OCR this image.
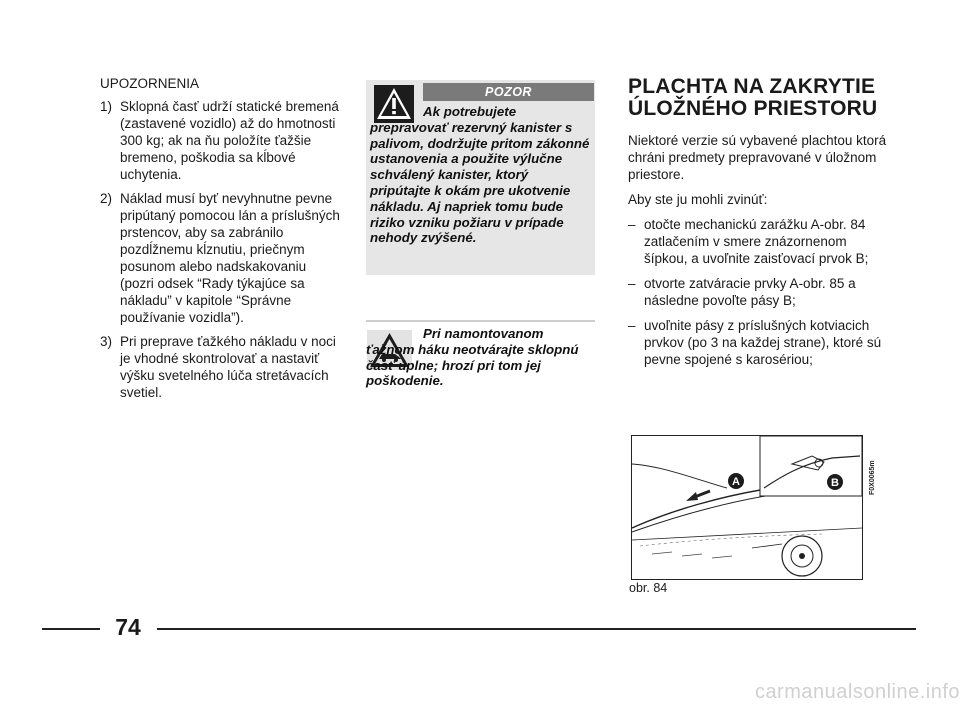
UPOZORNENIA
1) Sklopná časť udrží statické bremená (zastavené vozidlo) až do hmotnosti 300 kg; ak na ňu položíte ťažšie bremeno, poškodia sa kĺbové uchytenia.
2) Náklad musí byť nevyhnutne pevne pripútaný pomocou lán a príslušných prstencov, aby sa zabránilo pozdĺžnemu kĺznutiu, priečnym posunom alebo nadskakovaniu (pozri odsek “Rady týkajúce sa nákladu” v kapitole “Správne používanie vozidla”).
3) Pri preprave ťažkého nákladu v noci je vhodné skontrolovať a nastaviť výšku svetelného lúča stretávacích svetiel.
POZOR
Ak potrebujete prepravovať rezervný kanister s palivom, dodržujte pritom zákonné ustanovenia a použite výlučne schválený kanister, ktorý pripútajte k okám pre ukotvenie nákladu. Aj napriek tomu bude riziko vzniku požiaru v prípade nehody zvýšené.
Pri namontovanom ťažnom háku neotvárajte sklopnú časť úplne; hrozí pri tom jej poškodenie.
PLACHTA NA ZAKRYTIE
ÚLOŽNÉHO PRIESTORU

Niektoré verzie sú vybavené plachtou ktorá chráni predmety prepravované v úložnom priestore.

Aby ste ju mohli zvinúť:

– otočte mechanickú zarážku A-obr. 84 zatlačením v smere znázornenom šípkou, a uvoľnite zaisťovací prvok B;
– otvorte zatváracie prvky A-obr. 85 a následne povoľte pásy B;
– uvoľnite pásy z príslušných kotviacich prvkov (po 3 na každej strane), ktoré sú pevne spojené s karosériou;
A	B	F0X0065m
obr. 84
74
carmanualsonline.info
